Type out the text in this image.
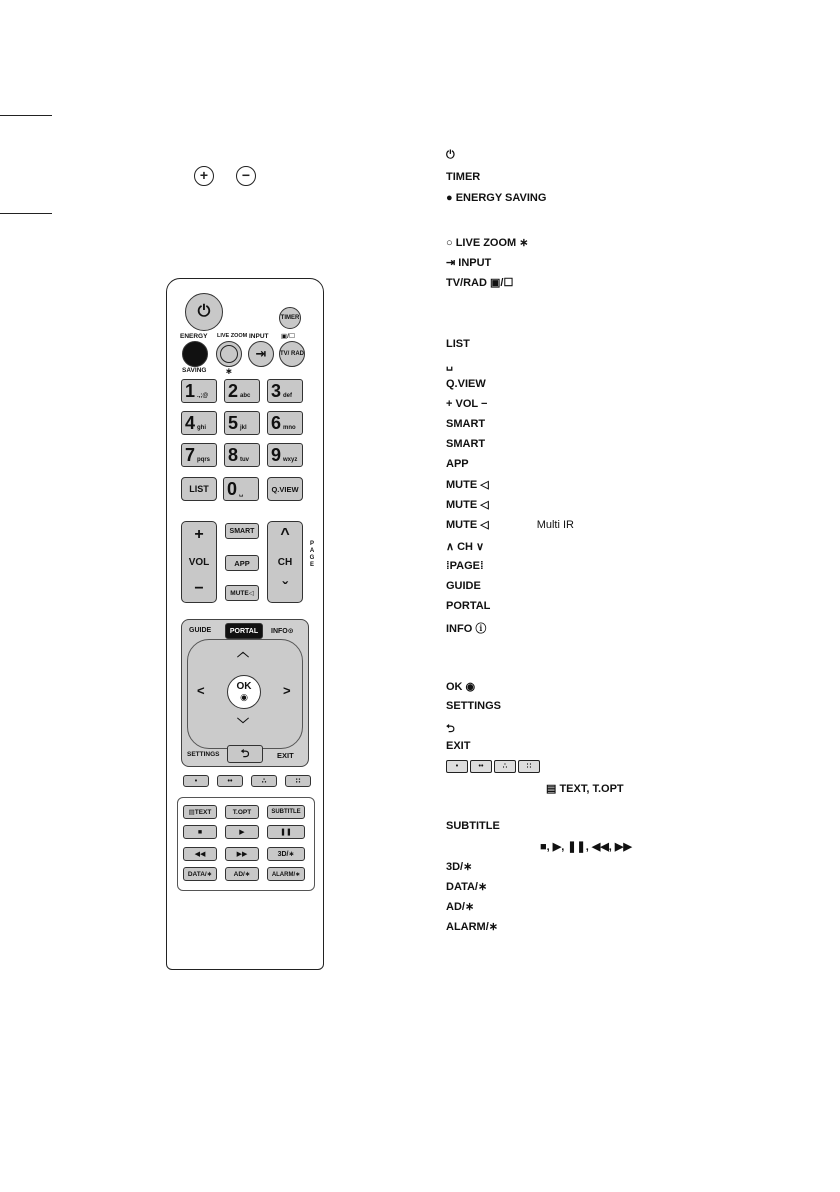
+	−
⏻	TIMER
ENERGY LIVE ZOOM INPUT ▣/☐
⇥	TV/ RAD
SAVING ∗
LIST	0 ␣
Q.VIEW
+
VOL
−
SMART
APP
MUTE◁
^
CH
ˇ
PAGE
GUIDE	PORTAL	INFO⊙
︿
<	>
﹀
OK
◉
SETTINGS	⮌	EXIT
▤TEXT	T.OPT	SUBTITLE
■	▶	❚❚
◀◀	▶▶	3D/∗
DATA/∗	AD/∗	ALARM/∗
1 .,;@ 2 abc 3 def
4 ghi 5 jkl 6 mno
7 pqrs 8 tuv 9 wxyz
•	••	∴	∷
⏻
TIMER
● ENERGY SAVING
○ LIVE ZOOM ∗
⇥ INPUT
TV/RAD ▣/☐
LIST
␣
Q.VIEW
+ VOL −
SMART
SMART
APP
MUTE ◁
MUTE ◁
MUTE ◁	Multi IR
∧ CH ∨
⁞PAGE⁞
GUIDE
PORTAL
INFO ⓘ
OK ◉
SETTINGS
⮌
EXIT
•	••	∴	∷
▤ TEXT, T.OPT
SUBTITLE
■, ▶, ❚❚, ◀◀, ▶▶
3D/∗
DATA/∗
AD/∗
ALARM/∗
